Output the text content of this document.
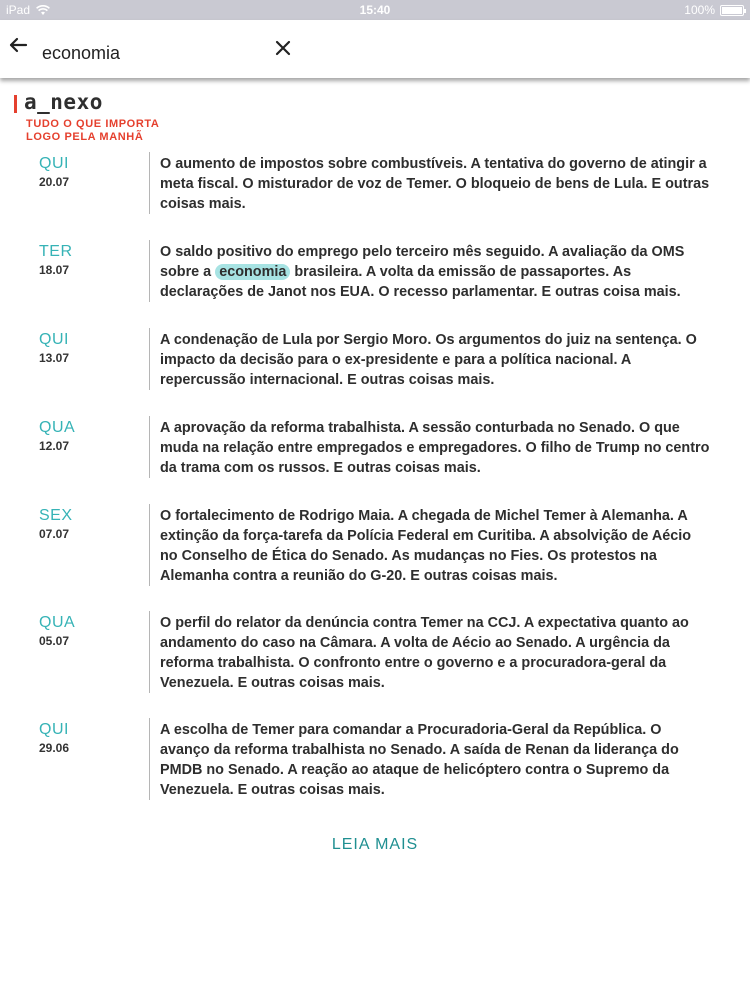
iPad	15:40	100%
economia
a_nexo
TUDO O QUE IMPORTA
LOGO PELA MANHÃ
QUI
20.07
O aumento de impostos sobre combustíveis. A tentativa do governo de atingir a meta fiscal. O misturador de voz de Temer. O bloqueio de bens de Lula. E outras coisas mais.
TER
18.07
O saldo positivo do emprego pelo terceiro mês seguido. A avaliação da OMS sobre a economia brasileira. A volta da emissão de passaportes. As declarações de Janot nos EUA. O recesso parlamentar. E outras coisa mais.
QUI
13.07
A condenação de Lula por Sergio Moro. Os argumentos do juiz na sentença. O impacto da decisão para o ex-presidente e para a política nacional. A repercussão internacional. E outras coisas mais.
QUA
12.07
A aprovação da reforma trabalhista. A sessão conturbada no Senado. O que muda na relação entre empregados e empregadores. O filho de Trump no centro da trama com os russos. E outras coisas mais.
SEX
07.07
O fortalecimento de Rodrigo Maia. A chegada de Michel Temer à Alemanha. A extinção da força-tarefa da Polícia Federal em Curitiba. A absolvição de Aécio no Conselho de Ética do Senado. As mudanças no Fies. Os protestos na Alemanha contra a reunião do G-20. E outras coisas mais.
QUA
05.07
O perfil do relator da denúncia contra Temer na CCJ. A expectativa quanto ao andamento do caso na Câmara. A volta de Aécio ao Senado. A urgência da reforma trabalhista. O confronto entre o governo e a procuradora-geral da Venezuela. E outras coisas mais.
QUI
29.06
A escolha de Temer para comandar a Procuradoria-Geral da República. O avanço da reforma trabalhista no Senado. A saída de Renan da liderança do PMDB no Senado. A reação ao ataque de helicóptero contra o Supremo da Venezuela. E outras coisas mais.
LEIA MAIS
